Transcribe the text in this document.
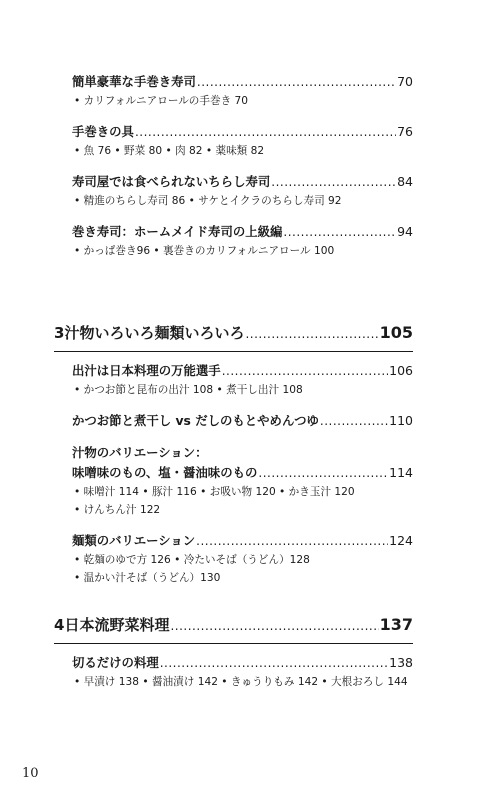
簡単豪華な手巻き寿司 .....	70
• カリフォルニアロールの手巻き 70
手巻きの具 .....	76
• 魚 76 • 野菜 80 • 肉 82 • 薬味類 82
寿司屋では食べられないちらし寿司 .....	84
• 精進のちらし寿司 86 • サケとイクラのちらし寿司 92
巻き寿司：ホームメイド寿司の上級編 .....	94
• かっぱ巻き96 • 裏巻きのカリフォルニアロール 100
3 汁物いろいろ麺類いろいろ .....	105
出汁は日本料理の万能選手 .....	106
• かつお節と昆布の出汁 108 • 煮干し出汁 108
かつお節と煮干し vs だしのもとやめんつゆ .....	110
汁物のバリエーション：
味噌味のもの、塩・醤油味のもの .....	114
• 味噌汁 114 • 豚汁 116 • お吸い物 120 • かき玉汁 120
• けんちん汁 122
麺類のバリエーション .....	124
• 乾麺のゆで方 126 • 冷たいそば（うどん）128
• 温かい汁そば（うどん）130
4 日本流野菜料理 .....	137
切るだけの料理 .....	138
• 早漬け 138 • 醤油漬け 142 • きゅうりもみ 142 • 大根おろし 144
10
